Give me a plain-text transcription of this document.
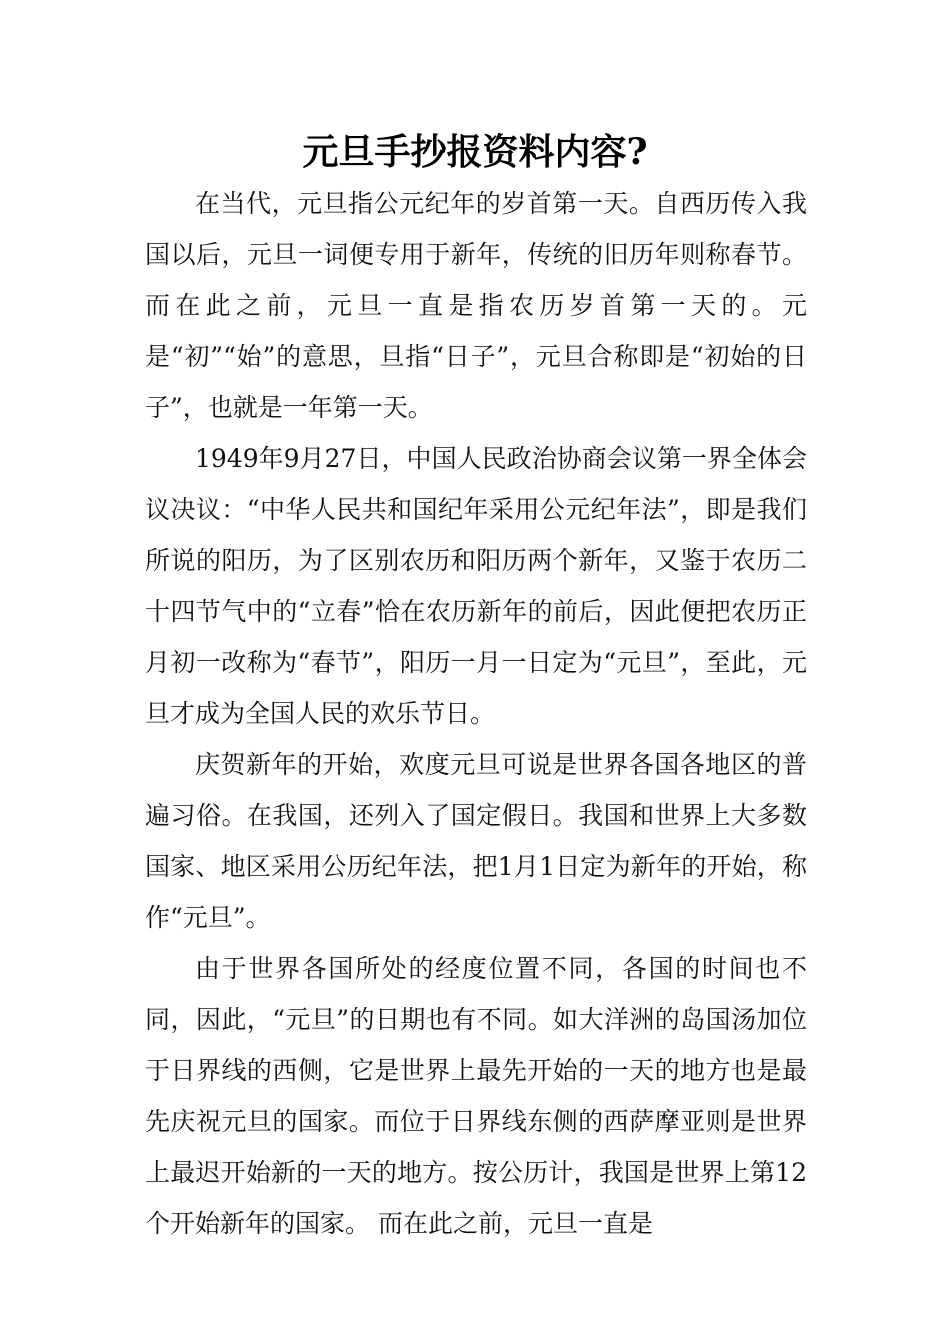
元旦手抄报资料内容?

在当代，元旦指公元纪年的岁首第一天。自西历传入我国以后，元旦一词便专用于新年，传统的旧历年则称春节。而在此之前，元旦一直是指农历岁首第一天的。元是“初”“始”的意思，旦指“日子”，元旦合称即是“初始的日子”，也就是一年第一天。

1949年9月27日，中国人民政治协商会议第一界全体会议决议：“中华人民共和国纪年采用公元纪年法”，即是我们所说的阳历，为了区别农历和阳历两个新年，又鉴于农历二十四节气中的“立春”恰在农历新年的前后，因此便把农历正月初一改称为“春节”，阳历一月一日定为“元旦”，至此，元旦才成为全国人民的欢乐节日。

庆贺新年的开始，欢度元旦可说是世界各国各地区的普遍习俗。在我国，还列入了国定假日。我国和世界上大多数国家、地区采用公历纪年法，把1月1日定为新年的开始，称作“元旦”。

由于世界各国所处的经度位置不同，各国的时间也不同，因此，“元旦”的日期也有不同。如大洋洲的岛国汤加位于日界线的西侧，它是世界上最先开始的一天的地方也是最先庆祝元旦的国家。而位于日界线东侧的西萨摩亚则是世界上最迟开始新的一天的地方。按公历计，我国是世界上第12个开始新年的国家。 而在此之前，元旦一直是
